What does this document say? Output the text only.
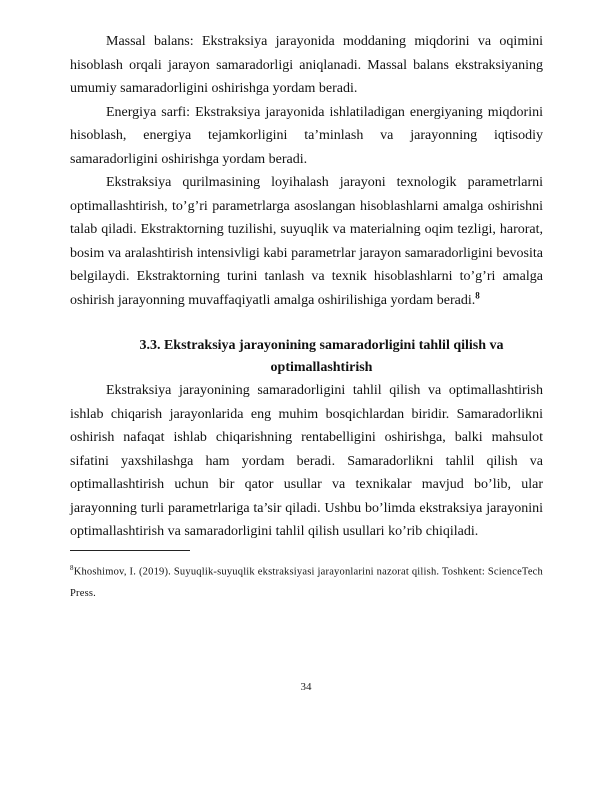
Massal balans: Ekstraksiya jarayonida moddaning miqdorini va oqimini hisoblash orqali jarayon samaradorligi aniqlanadi. Massal balans ekstraksiyaning umumiy samaradorligini oshirishga yordam beradi.

Energiya sarfi: Ekstraksiya jarayonida ishlatiladigan energiyaning miqdorini hisoblash, energiya tejamkorligini ta’minlash va jarayonning iqtisodiy samaradorligini oshirishga yordam beradi.

Ekstraksiya qurilmasining loyihalash jarayoni texnologik parametrlarni optimallashtirish, to’g’ri parametrlarga asoslangan hisoblashlarni amalga oshirishni talab qiladi. Ekstraktorning tuzilishi, suyuqlik va materialning oqim tezligi, harorat, bosim va aralashtirish intensivligi kabi parametrlar jarayon samaradorligini bevosita belgilaydi. Ekstraktorning turini tanlash va texnik hisoblashlarni to’g’ri amalga oshirish jarayonning muvaffaqiyatli amalga oshirilishiga yordam beradi.$^8$

3.3. Ekstraksiya jarayonining samaradorligini tahlil qilish va

optimallashtirish

Ekstraksiya jarayonining samaradorligini tahlil qilish va optimallashtirish ishlab chiqarish jarayonlarida eng muhim bosqichlardan biridir. Samaradorlikni oshirish nafaqat ishlab chiqarishning rentabelligini oshirishga, balki mahsulot sifatini yaxshilashga ham yordam beradi. Samaradorlikni tahlil qilish va optimallashtirish uchun bir qator usullar va texnikalar mavjud bo’lib, ular jarayonning turli parametrlariga ta’sir qiladi. Ushbu bo’limda ekstraksiya jarayonini optimallashtirish va samaradorligini tahlil qilish usullari ko’rib chiqiladi.

$^8$Khoshimov, I. (2019). Suyuqlik-suyuqlik ekstraksiyasi jarayonlarini nazorat qilish. Toshkent: ScienceTech Press.

34
